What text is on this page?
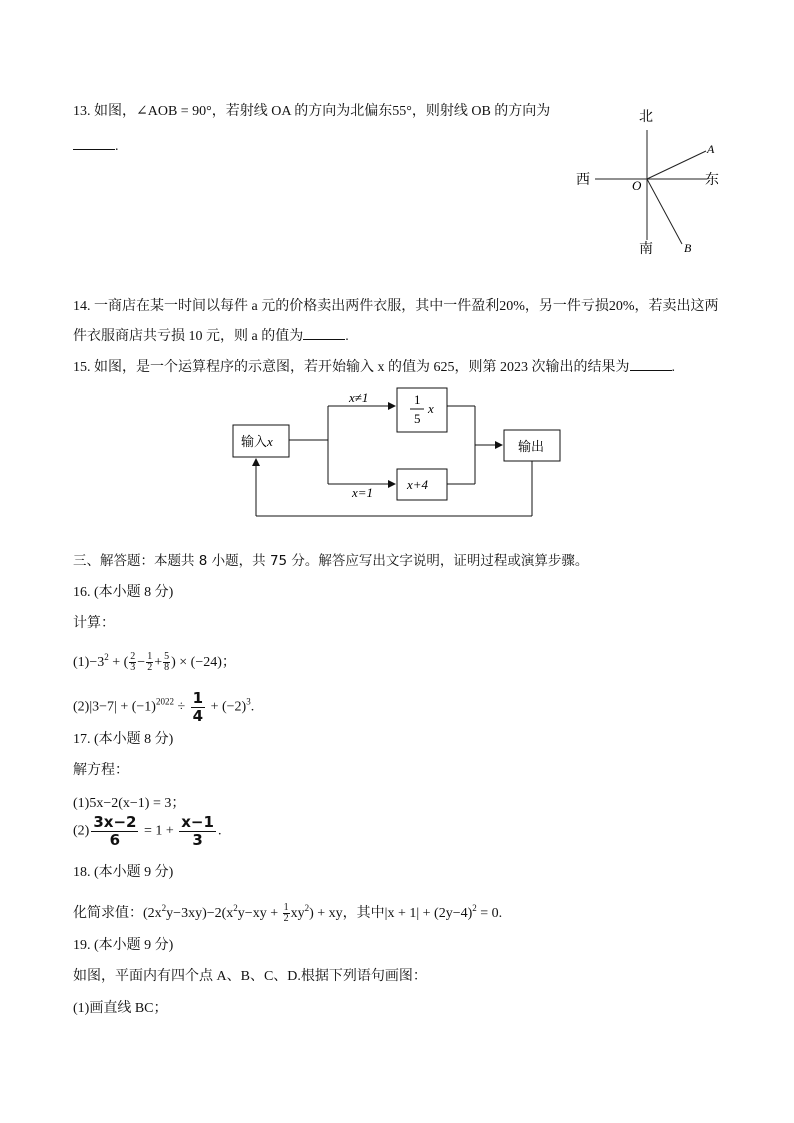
13. 如图，∠AOB = 90°，若射线 OA 的方向为北偏东55°，则射线 OB 的方向为
.
北
南
西	东
O
A
B
14. 一商店在某一时间以每件 a 元的价格卖出两件衣服，其中一件盈利20%，另一件亏损20%，若卖出这两
件衣服商店共亏损 10 元，则 a 的值为	.
15. 如图，是一个运算程序的示意图，若开始输入 x 的值为 625，则第 2023 次输出的结果为	.
输入x
x≠1
x=1
1
5
x
x+4
输出
三、解答题：本题共 8 小题，共 75 分。解答应写出文字说明，证明过程或演算步骤。
16. (本小题 8 分)
计算：
$(1)-3^2$ + ( $\frac{2}{3} - \frac{1}{2} + \frac{5}{8}$ ) × (−24)；
$(2)|3-7| + (-1)^{2022} \div \frac{1}{4} + (-2)^3$.
17. (本小题 8 分)
解方程：
(1)5x−2(x−1) = 3；
$(2) \frac{3x-2}{6} = 1 + \frac{x-1}{3}$ .
18. (本小题 9 分)
化简求值：$(2x^2y-3xy)-2(x^2y-xy + \frac{1}{2} xy^2)$ + xy，其中$|x + 1| + (2y-4)^2 = 0$.
19. (本小题 9 分)
如图，平面内有四个点 A、B、C、D.根据下列语句画图：
(1)画直线 BC；
